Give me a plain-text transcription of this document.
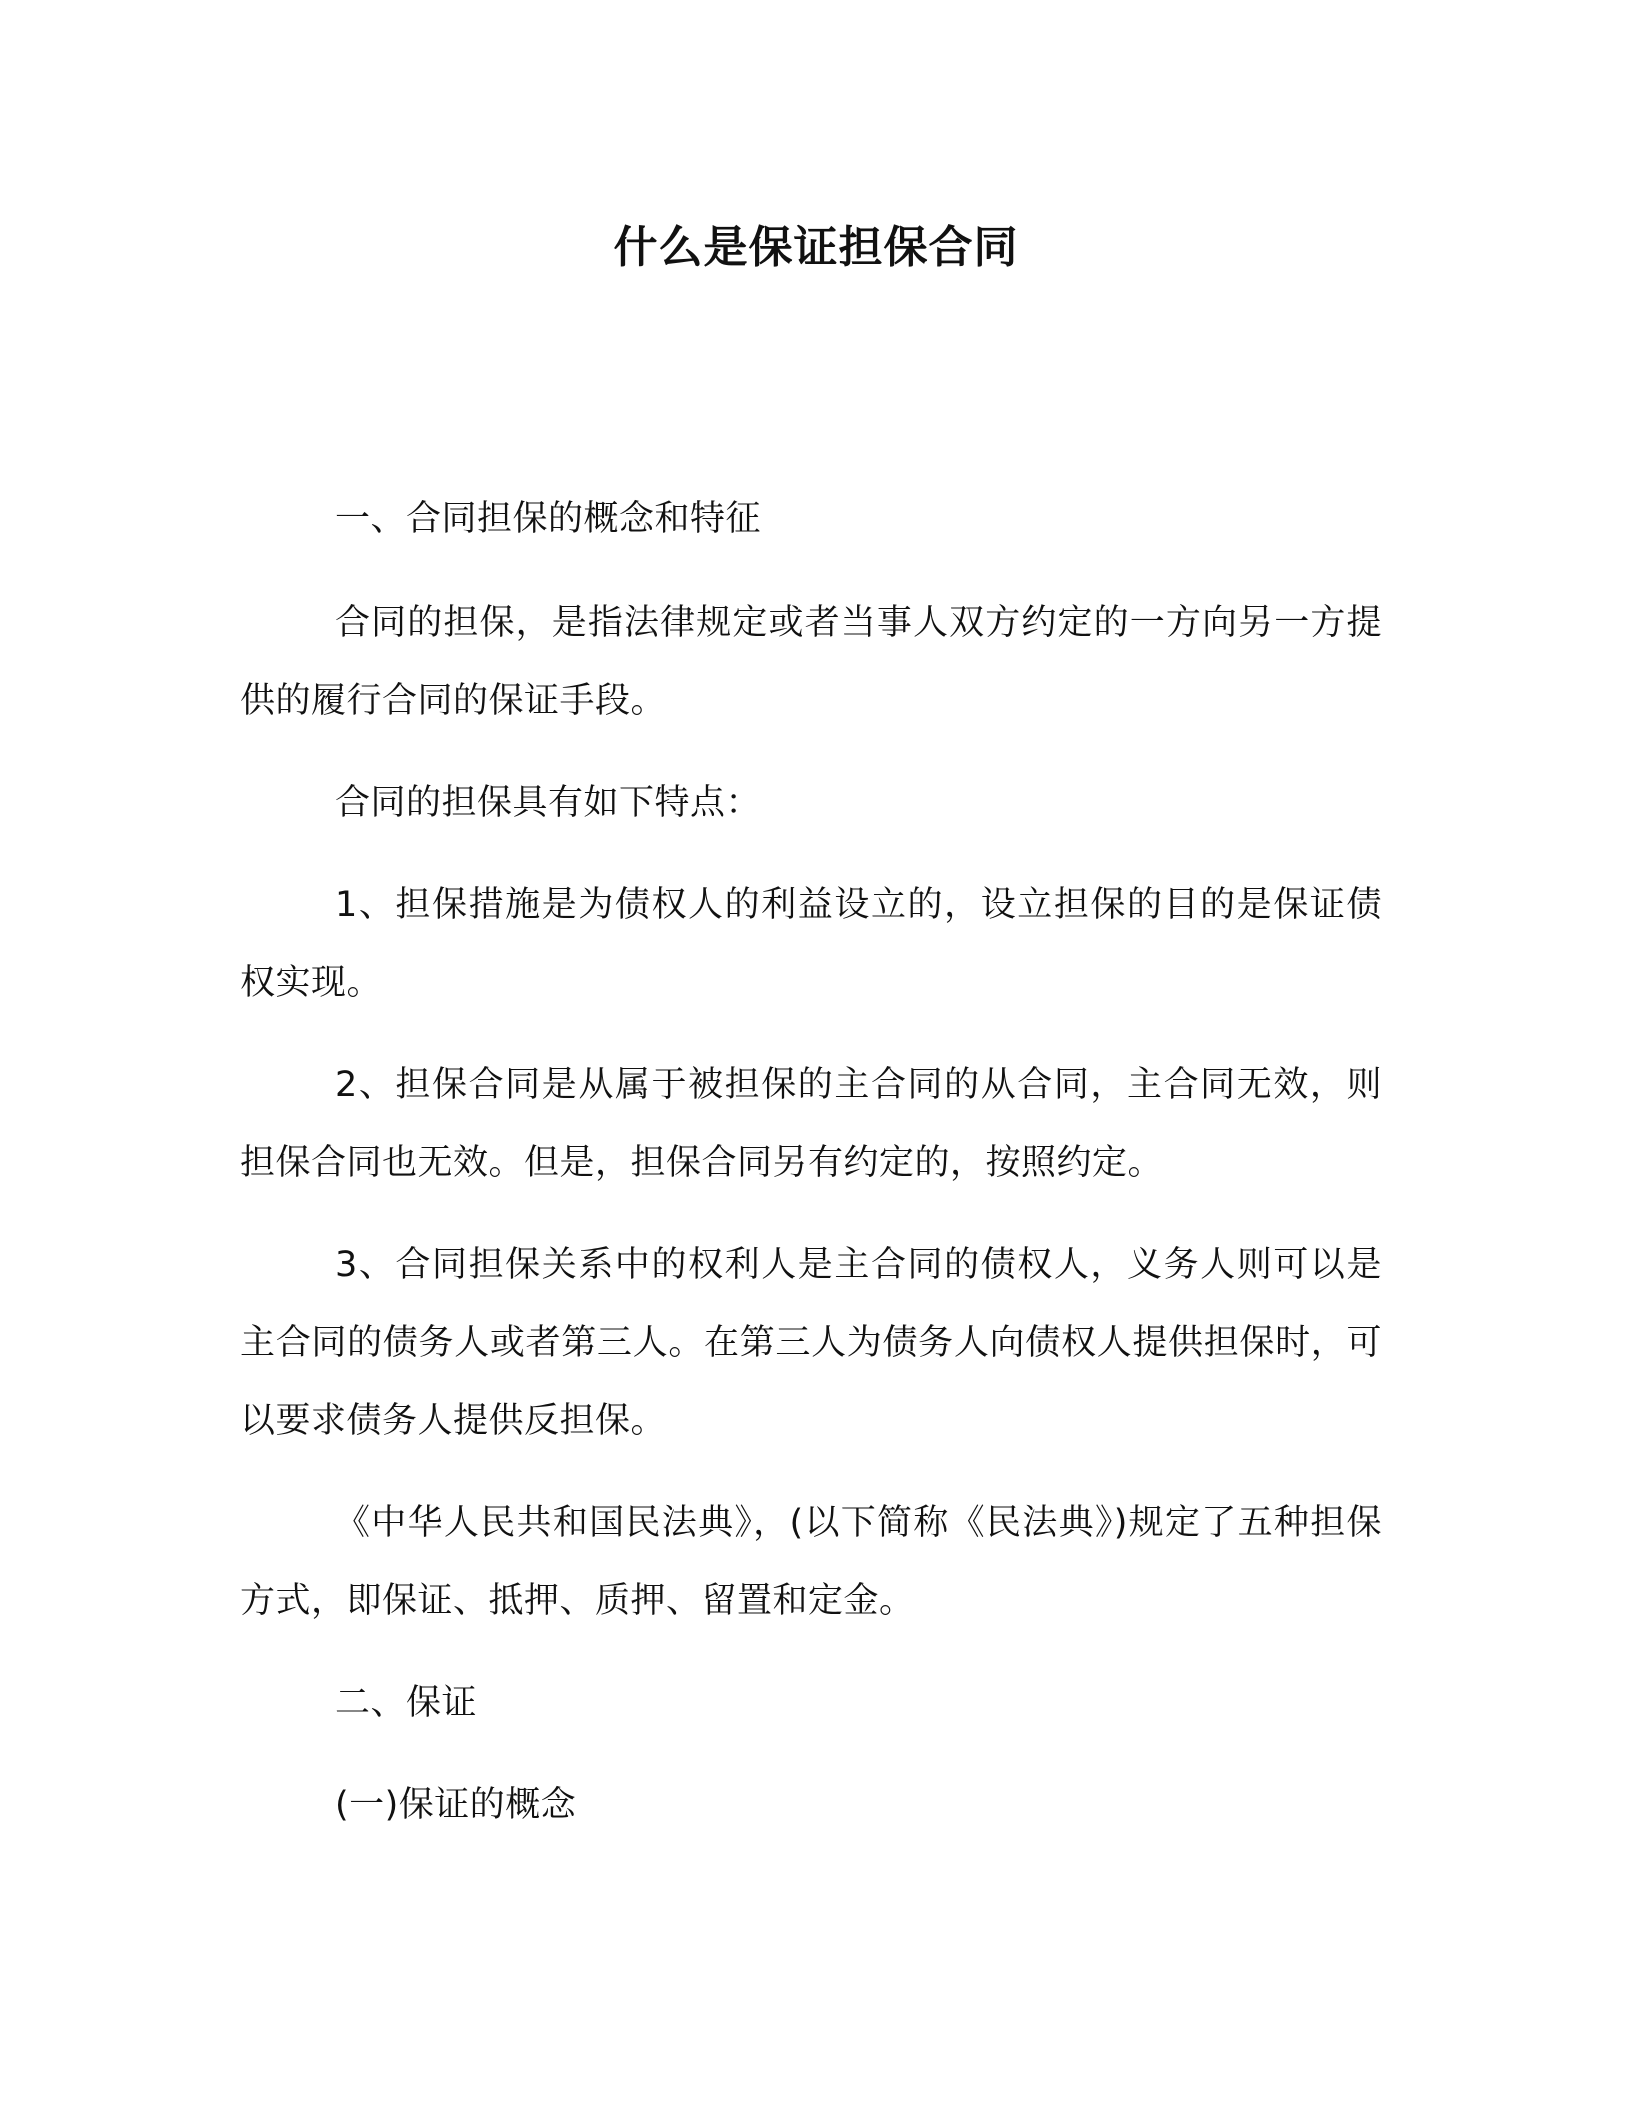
什么是保证担保合同

一、合同担保的概念和特征

合同的担保，是指法律规定或者当事人双方约定的一方向另一方提供的履行合同的保证手段。

合同的担保具有如下特点：

1、担保措施是为债权人的利益设立的，设立担保的目的是保证债权实现。

2、担保合同是从属于被担保的主合同的从合同，主合同无效，则担保合同也无效。但是，担保合同另有约定的，按照约定。

3、合同担保关系中的权利人是主合同的债权人，义务人则可以是主合同的债务人或者第三人。在第三人为债务人向债权人提供担保时，可以要求债务人提供反担保。

《中华人民共和国民法典》，(以下简称《民法典》)规定了五种担保方式，即保证、抵押、质押、留置和定金。

二、保证

(一)保证的概念
